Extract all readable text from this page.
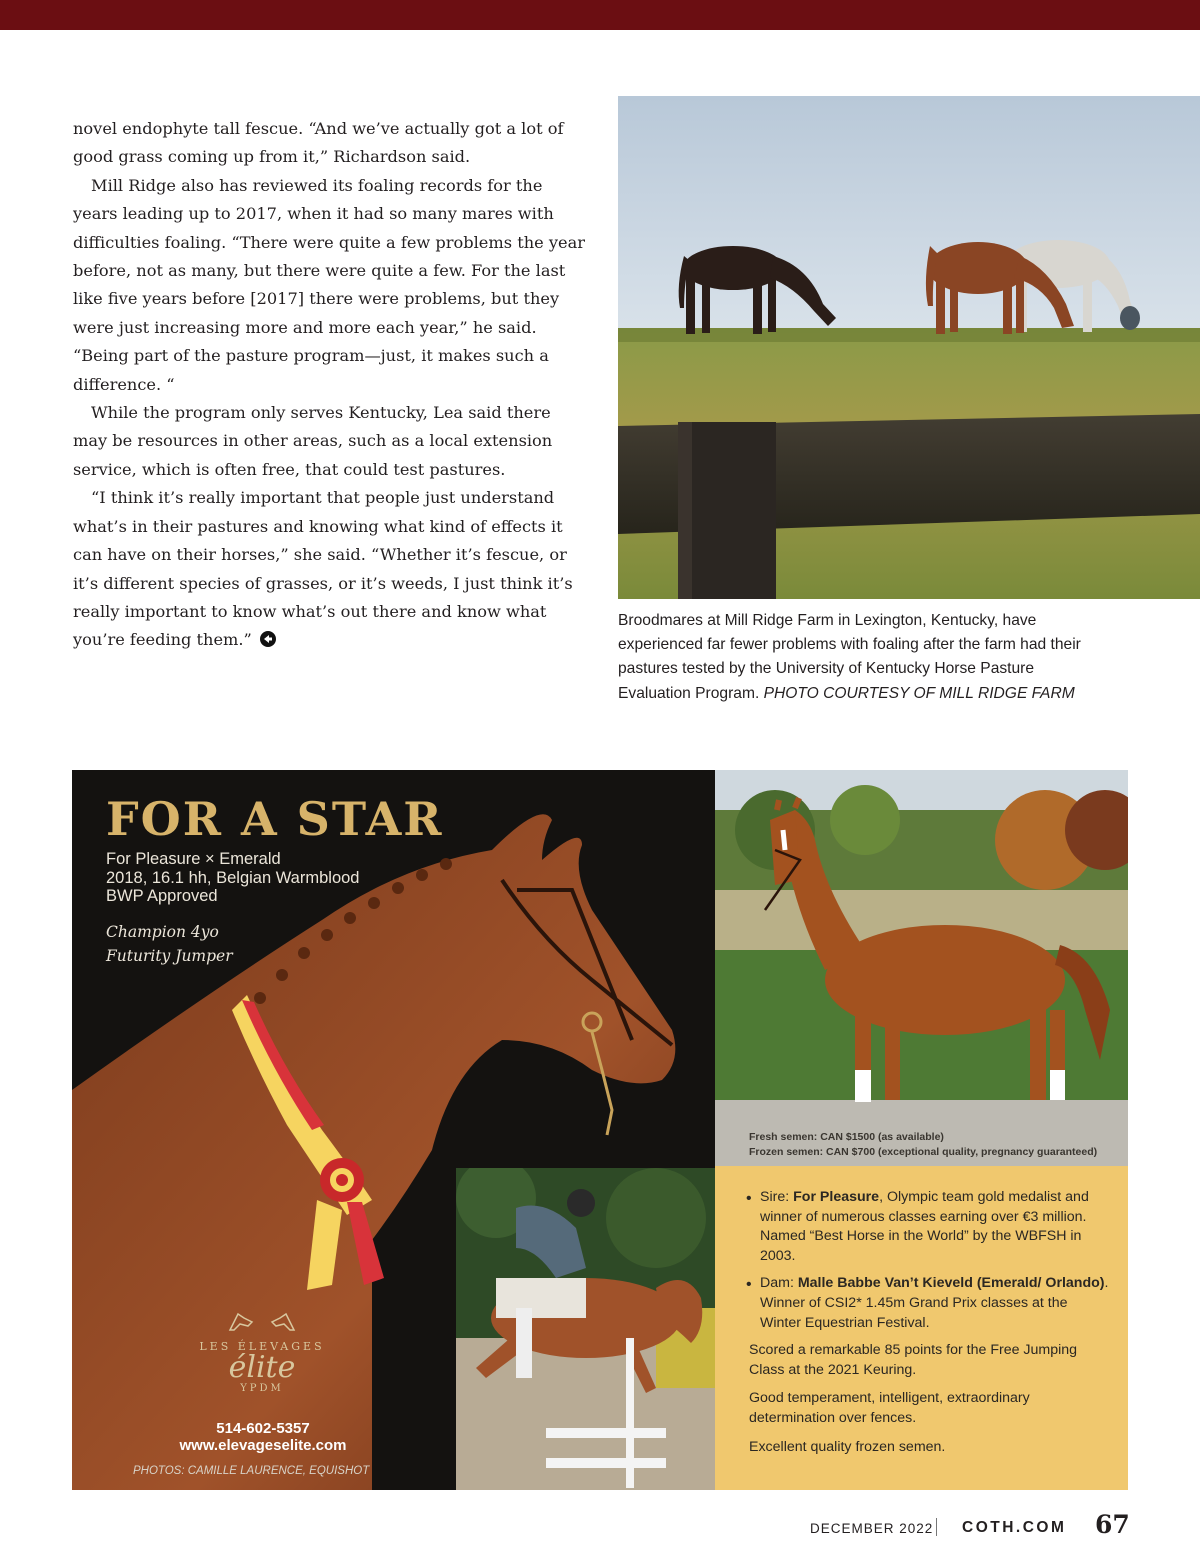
novel endophyte tall fescue. “And we’ve actually got a lot of good grass coming up from it,” Richardson said.

Mill Ridge also has reviewed its foaling records for the years leading up to 2017, when it had so many mares with difficulties foaling. “There were quite a few problems the year before, not as many, but there were quite a few. For the last like five years before [2017] there were problems, but they were just increasing more and more each year,” he said. “Being part of the pasture program—just, it makes such a difference. “

While the program only serves Kentucky, Lea said there may be resources in other areas, such as a local extension service, which is often free, that could test pastures.

“I think it’s really important that people just understand what’s in their pastures and knowing what kind of effects it can have on their horses,” she said. “Whether it’s fescue, or it’s different species of grasses, or it’s weeds, I just think it’s really important to know what’s out there and know what you’re feeding them.”

Broodmares at Mill Ridge Farm in Lexington, Kentucky, have experienced far fewer problems with foaling after the farm had their pastures tested by the University of Kentucky Horse Pasture Evaluation Program. PHOTO COURTESY OF MILL RIDGE FARM
FOR A STAR
For Pleasure × Emerald
2018, 16.1 hh, Belgian Warmblood
BWP Approved
Champion 4yo
Futurity Jumper
LES ÉLEVAGES
élite
YPDM
514-602-5357
www.elevageselite.com
PHOTOS: CAMILLE LAURENCE, EQUISHOT
Fresh semen: CAN $1500 (as available)
Frozen semen: CAN $700 (exceptional quality, pregnancy guaranteed)
• Sire: For Pleasure, Olympic team gold medalist and winner of numerous classes earning over €3 million. Named “Best Horse in the World” by the WBFSH in 2003.
• Dam: Malle Babbe Van’t Kieveld (Emerald/ Orlando). Winner of CSI2* 1.45m Grand Prix classes at the Winter Equestrian Festival.
Scored a remarkable 85 points for the Free Jumping Class at the 2021 Keuring.
Good temperament, intelligent, extraordinary determination over fences.
Excellent quality frozen semen.
DECEMBER 2022 COTH.COM 67
